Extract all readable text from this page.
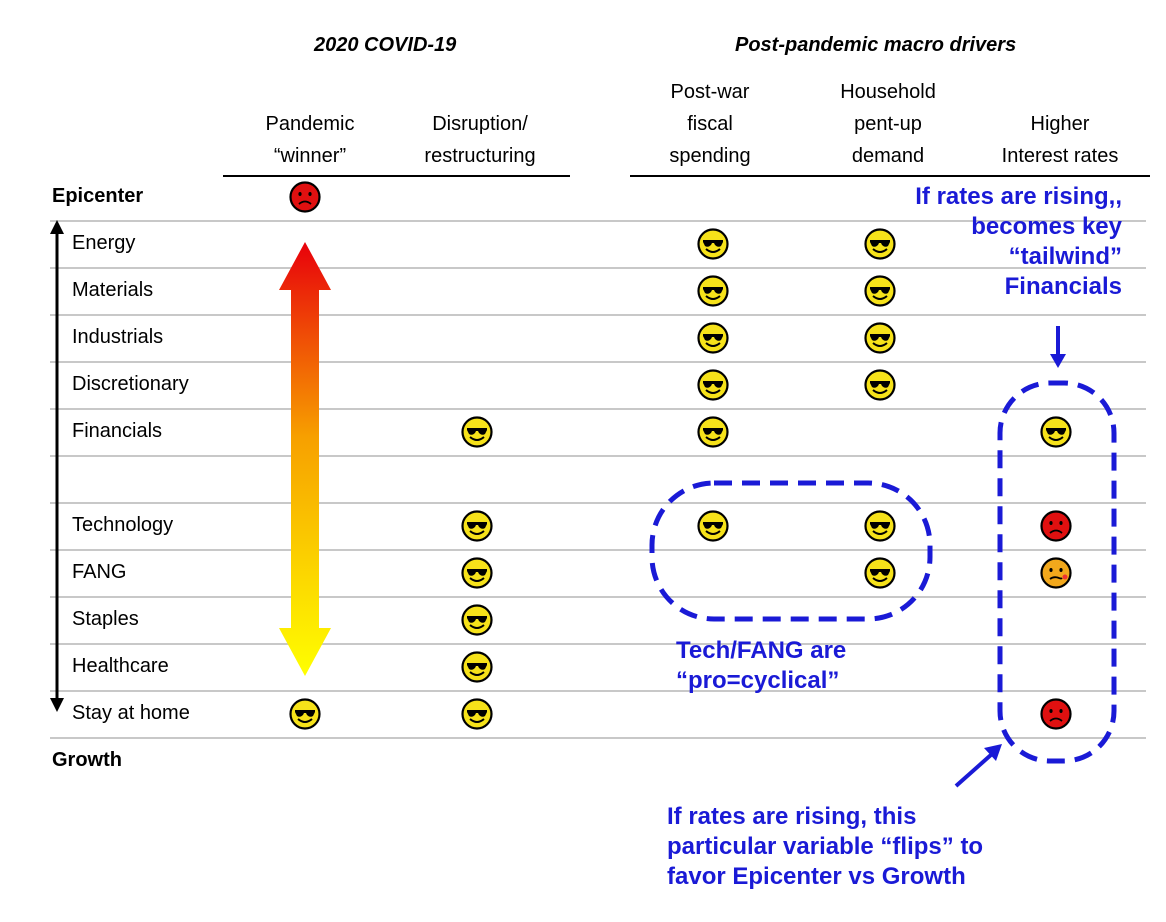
2020 COVID-19	Post-pandemic macro drivers
Pandemic
“winner”
Disruption/
restructuring
Post-war
fiscal
spending
Household
pent-up
demand
Higher
Interest rates
Epicenter
Energy
Materials
Industrials
Discretionary
Financials
Technology
FANG
Staples
Healthcare
Stay at home
Growth
If rates are rising,,
becomes key
“tailwind”
Financials
Tech/FANG are
“pro=cyclical”
If rates are rising, this
particular variable “flips” to
favor Epicenter vs Growth
